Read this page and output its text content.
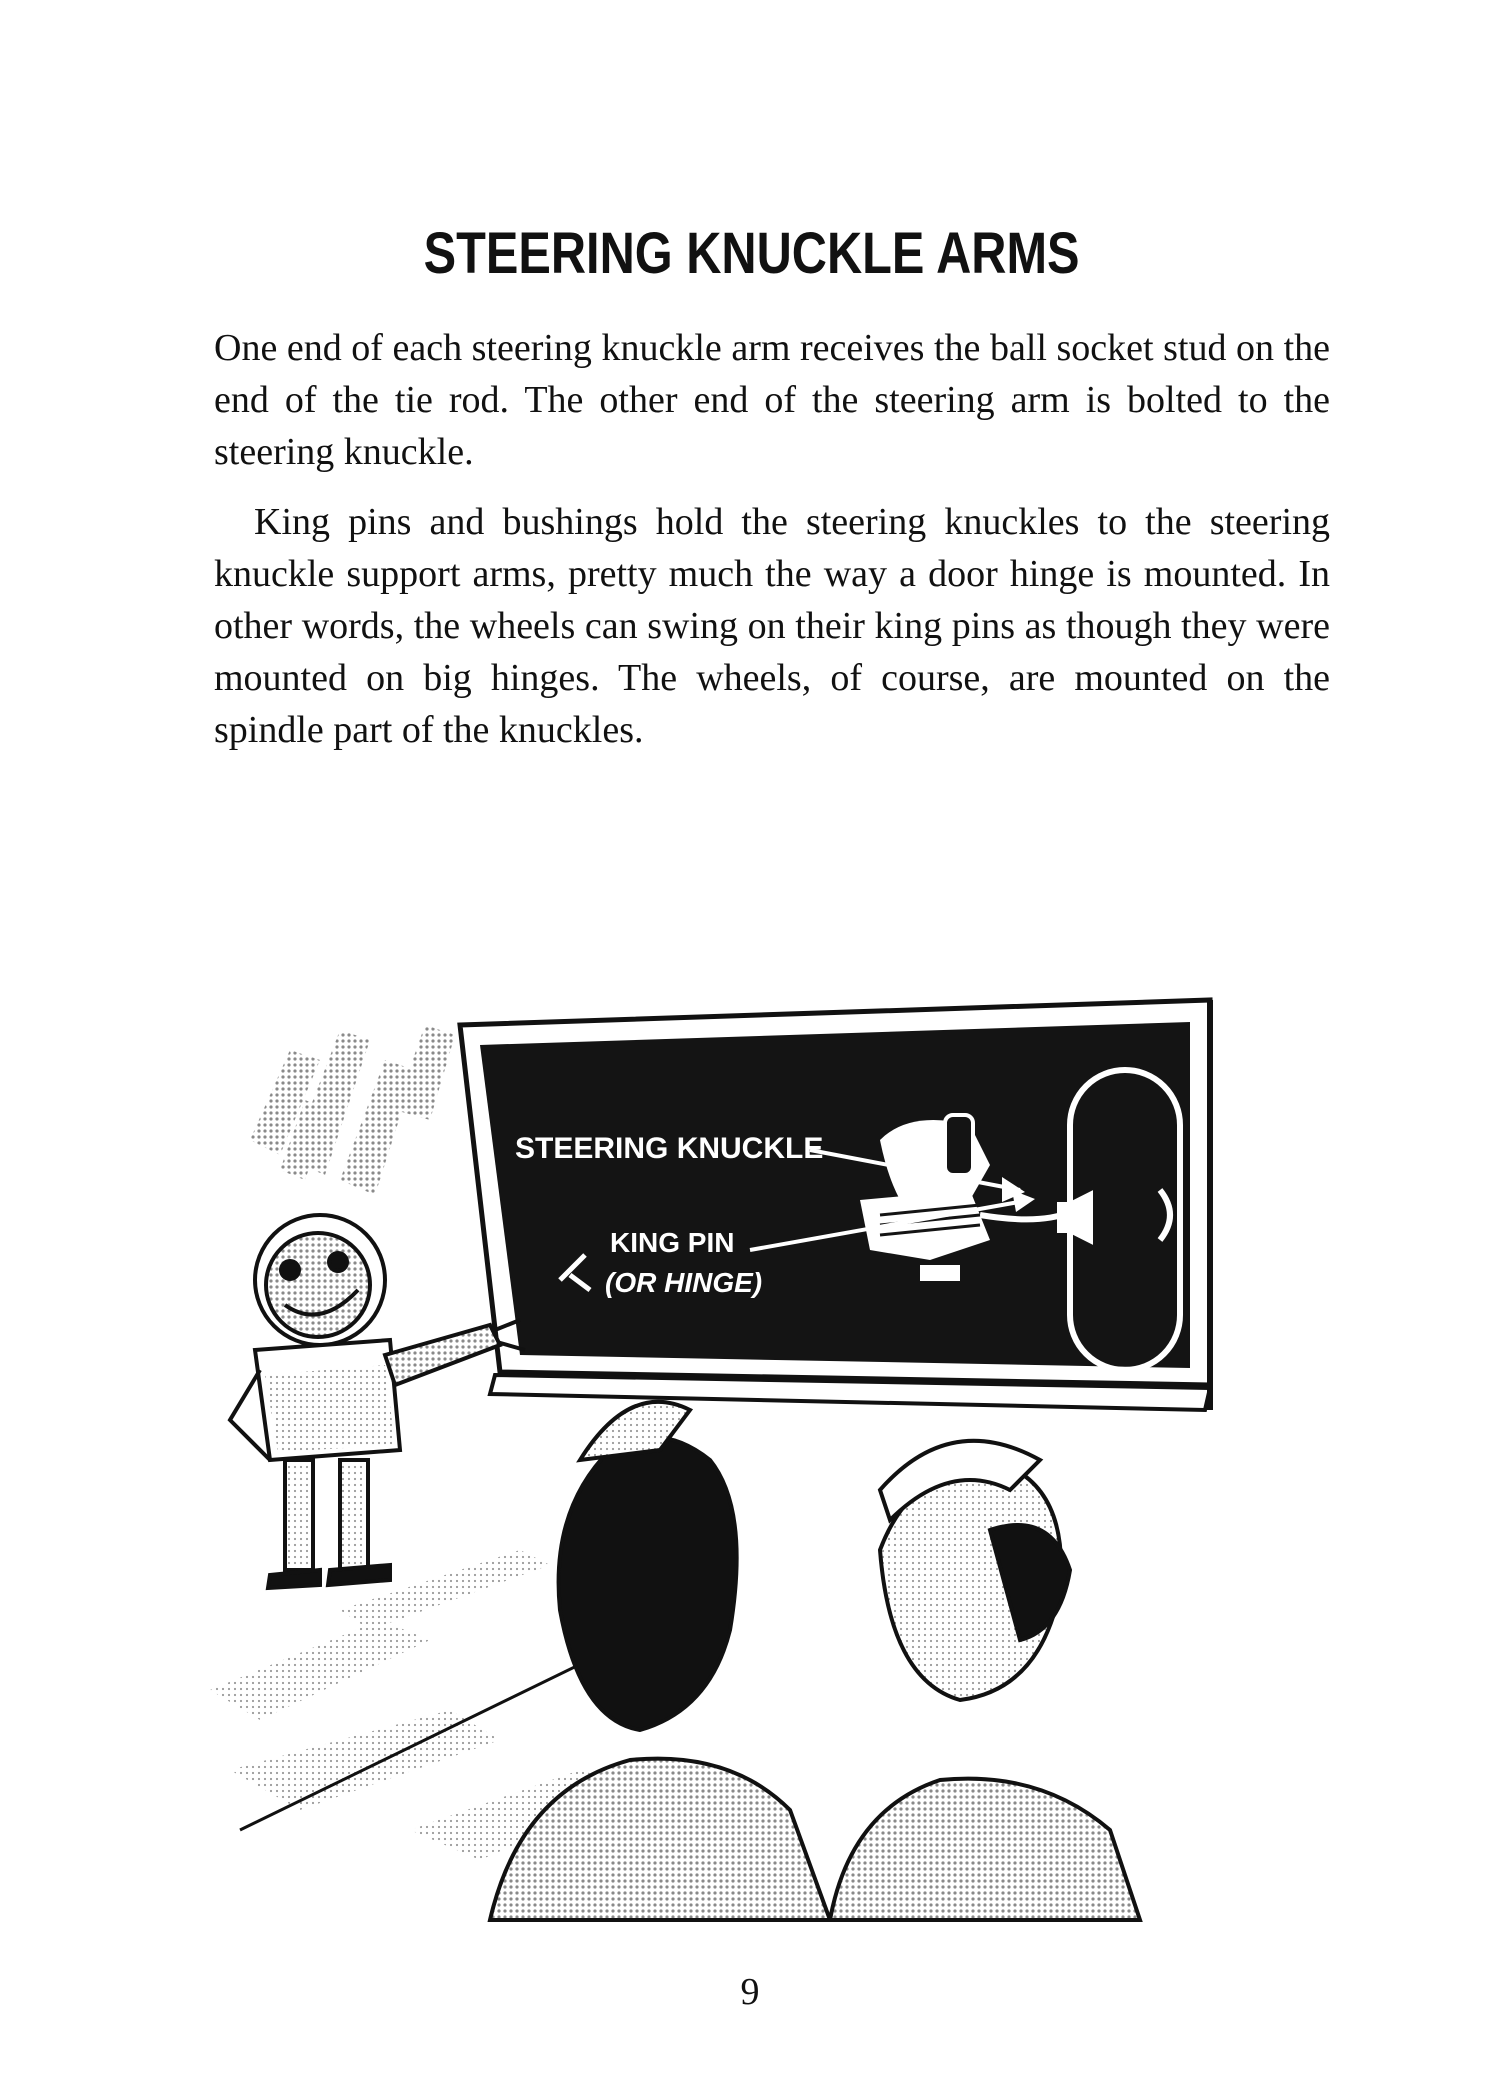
STEERING KNUCKLE ARMS

One end of each steering knuckle arm receives the ball socket stud on the end of the tie rod. The other end of the steering arm is bolted to the steering knuckle.

King pins and bushings hold the steering knuckles to the steering knuckle support arms, pretty much the way a door hinge is mounted. In other words, the wheels can swing on their king pins as though they were mounted on big hinges. The wheels, of course, are mounted on the spindle part of the knuckles.

STEERING KNUCKLE
KING PIN
(OR HINGE)
9
